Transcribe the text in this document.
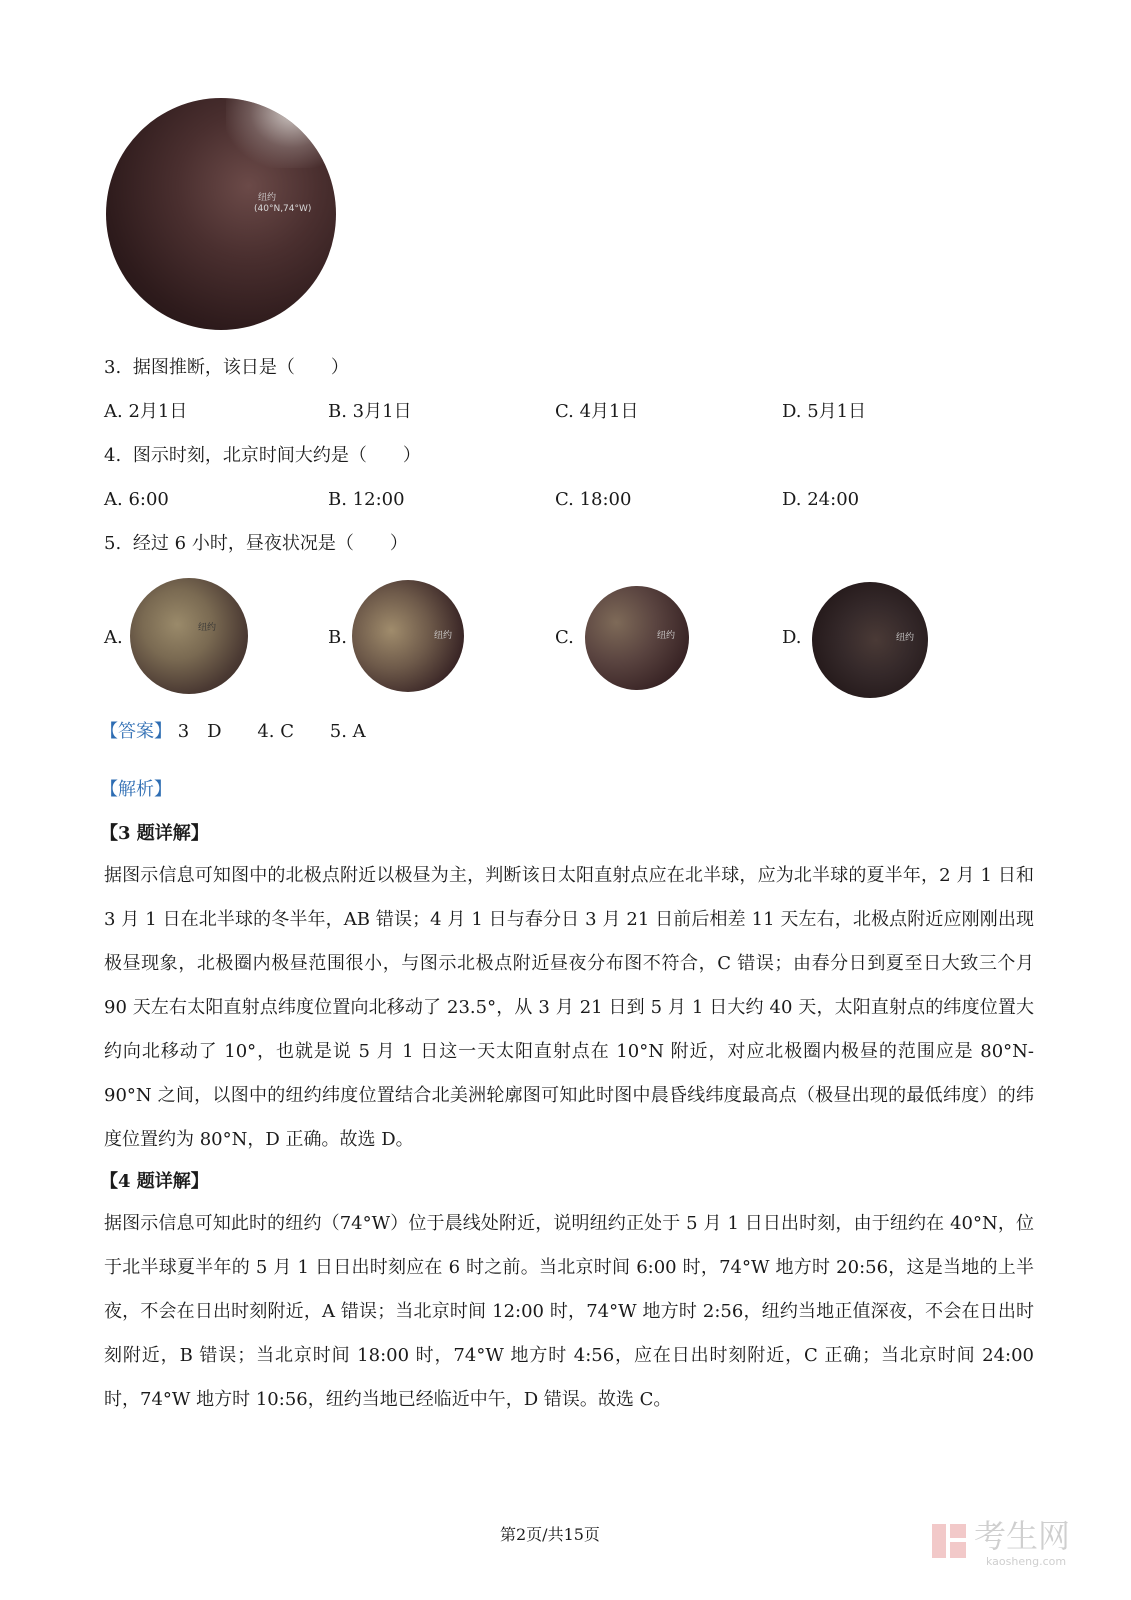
纽约
(40°N,74°W)
3. 据图推断，该日是（　　）
A. 2月1日	B. 3月1日	C. 4月1日	D. 5月1日
4. 图示时刻，北京时间大约是（　　）
A. 6:00	B. 12:00	C. 18:00	D. 24:00
5. 经过 6 小时，昼夜状况是（　　）
A.	纽约	B.	纽约	C.	纽约	D.	纽约
【答案】 3　D 4. C 5. A
【解析】
【3 题详解】
据图示信息可知图中的北极点附近以极昼为主，判断该日太阳直射点应在北半球，应为北半球的夏半年，2 月 1 日和 3 月 1 日在北半球的冬半年，AB 错误；4 月 1 日与春分日 3 月 21 日前后相差 11 天左右，北极点附近应刚刚出现极昼现象，北极圈内极昼范围很小，与图示北极点附近昼夜分布图不符合，C 错误；由春分日到夏至日大致三个月 90 天左右太阳直射点纬度位置向北移动了 23.5°，从 3 月 21 日到 5 月 1 日大约 40 天，太阳直射点的纬度位置大约向北移动了 10°，也就是说 5 月 1 日这一天太阳直射点在 10°N 附近，对应北极圈内极昼的范围应是 80°N-90°N 之间，以图中的纽约纬度位置结合北美洲轮廓图可知此时图中晨昏线纬度最高点（极昼出现的最低纬度）的纬度位置约为 80°N，D 正确。故选 D。
【4 题详解】
据图示信息可知此时的纽约（74°W）位于晨线处附近，说明纽约正处于 5 月 1 日日出时刻，由于纽约在 40°N，位于北半球夏半年的 5 月 1 日日出时刻应在 6 时之前。当北京时间 6:00 时，74°W 地方时 20:56，这是当地的上半夜，不会在日出时刻附近，A 错误；当北京时间 12:00 时，74°W 地方时 2:56，纽约当地正值深夜，不会在日出时刻附近，B 错误；当北京时间 18:00 时，74°W 地方时 4:56，应在日出时刻附近，C 正确；当北京时间 24:00 时，74°W 地方时 10:56，纽约当地已经临近中午，D 错误。故选 C。
第2页/共15页	考生网
kaosheng.com
